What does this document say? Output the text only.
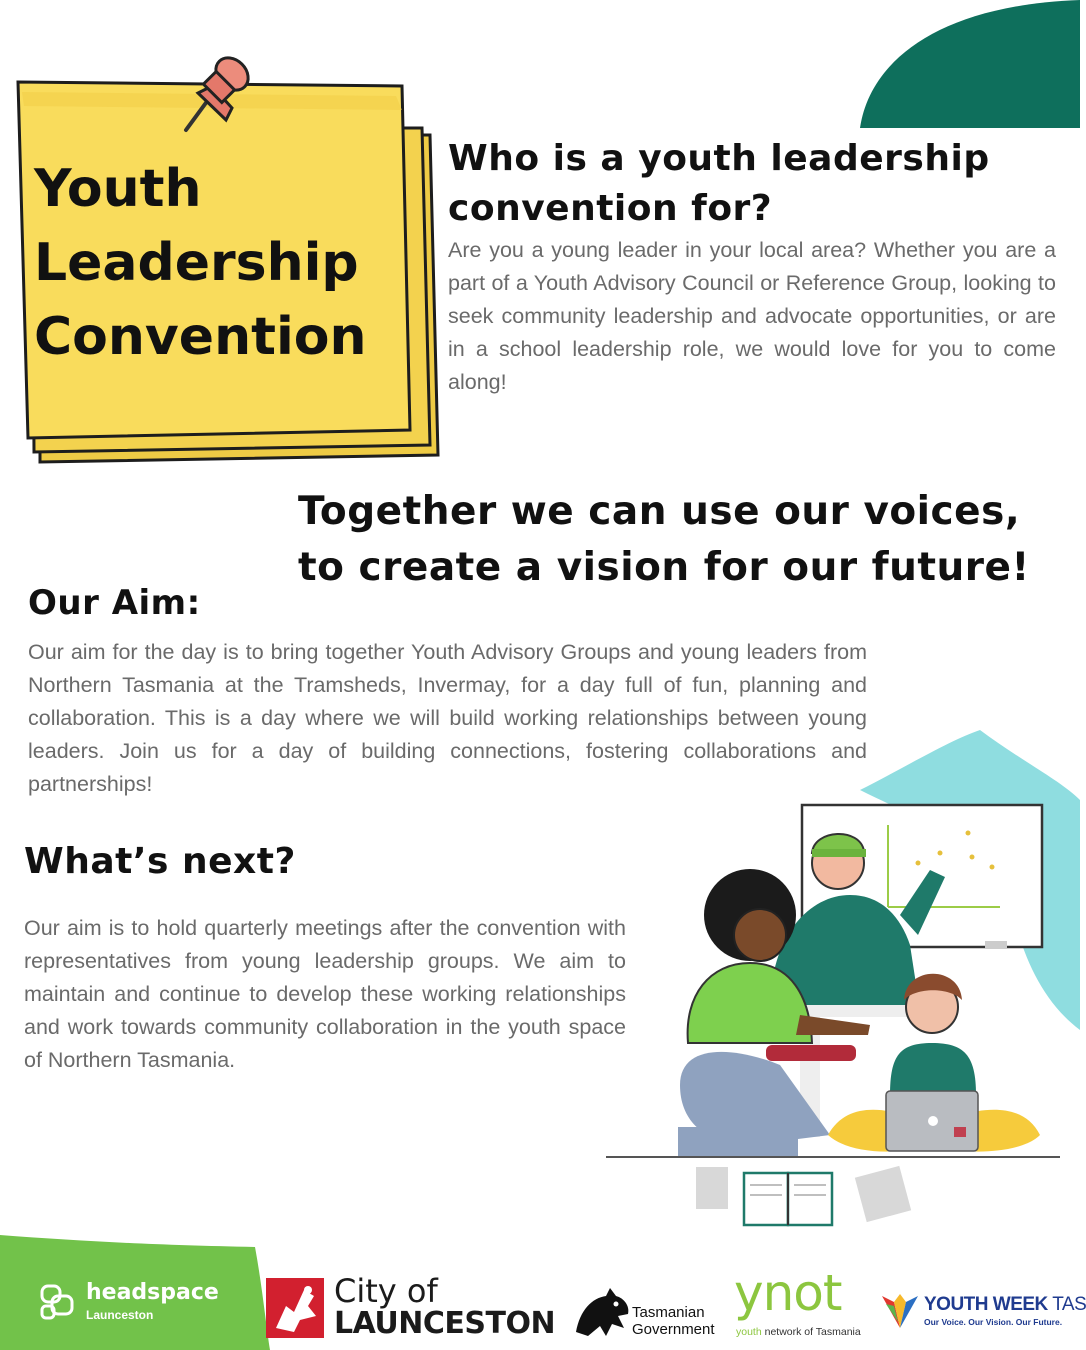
Youth
Leadership
Convention
Who is a youth leadership
convention for?

Are you a young leader in your local area? Whether you are a part of a Youth Advisory Council or Reference Group, looking to seek community leadership and advocate opportunities, or are in a school leadership role, we would love for you to come along!

Together we can use our voices,
to create a vision for our future!
Our Aim:

Our aim for the day is to bring together Youth Advisory Groups and young leaders from Northern Tasmania at the Tramsheds, Invermay, for a day full of fun, planning and collaboration. This is a day where we will build working relationships between young leaders. Join us for a day of building connections, fostering collaborations and partnerships!

What’s next?

Our aim is to hold quarterly meetings after the convention with representatives from young leadership groups. We aim to maintain and continue to develop these working relationships and work towards community collaboration in the youth space of Northern Tasmania.

headspace
Launceston
City of
LAUNCESTON	Tasmanian
Government
ynot
youth network of Tasmania
YOUTH WEEK TAS
Our Voice. Our Vision. Our Future.
